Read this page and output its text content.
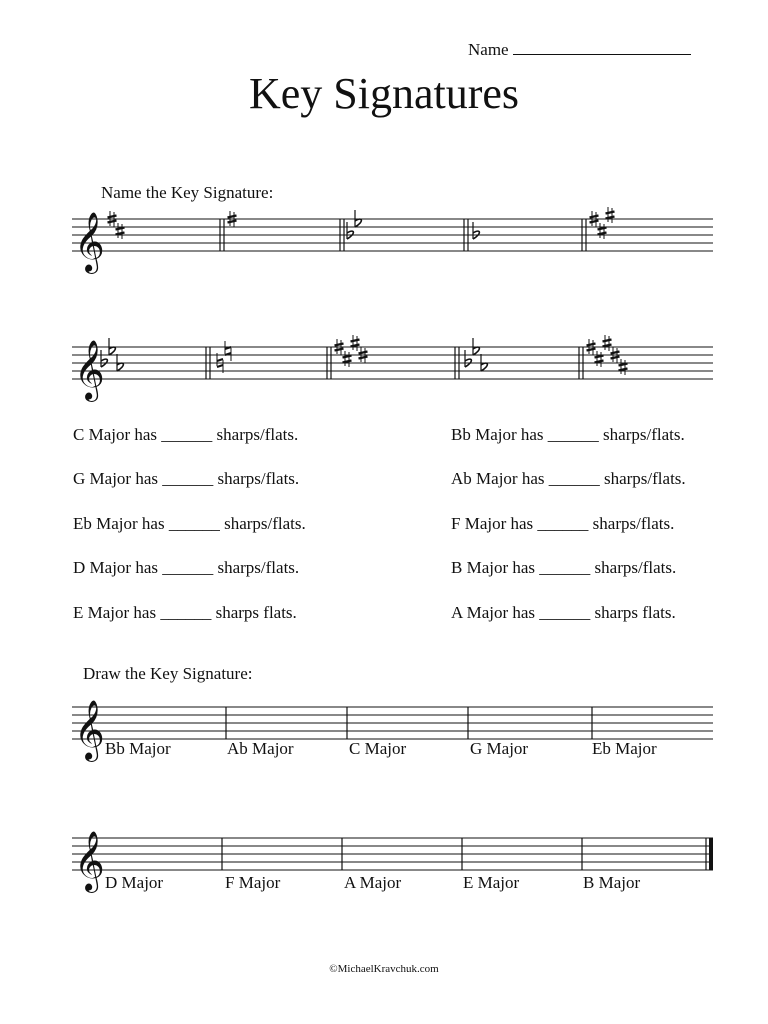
Name
Key Signatures
Name the Key Signature:
𝄞
𝄞
C Major has ______ sharps/flats.
G Major has ______ sharps/flats.
Eb Major has ______ sharps/flats.
D Major has ______ sharps/flats.
E Major has ______ sharps flats.
Bb Major has ______ sharps/flats.
Ab Major has ______ sharps/flats.
F Major has ______ sharps/flats.
B Major has ______ sharps/flats.
A Major has ______ sharps flats.
Draw the Key Signature:
𝄞 Bb Major	Ab Major	C Major	G Major	Eb Major
𝄞 D Major	F Major	A Major	E Major	B Major
©MichaelKravchuk.com
